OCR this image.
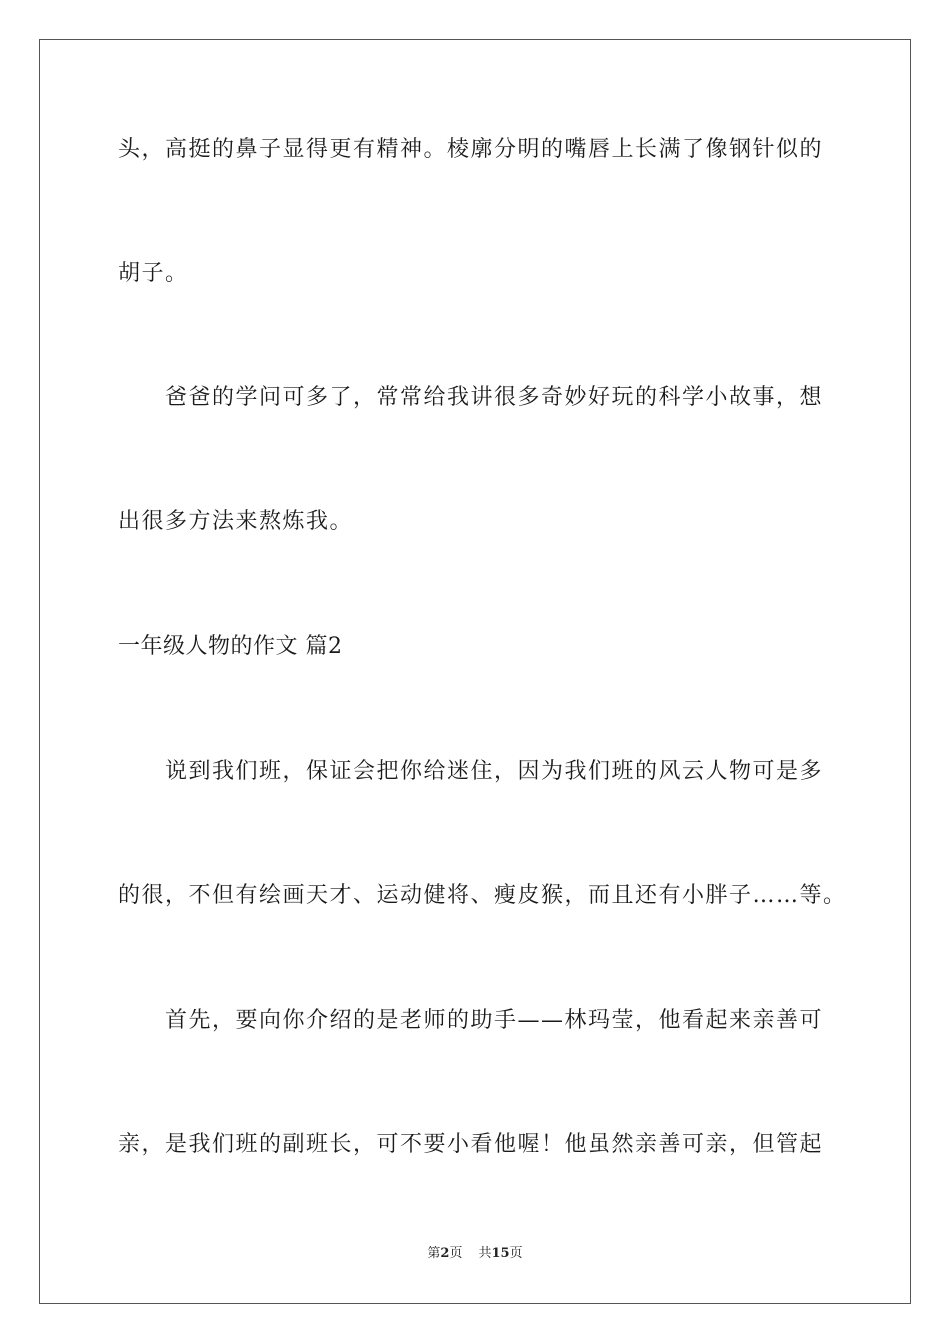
头，高挺的鼻子显得更有精神。棱廓分明的嘴唇上长满了像钢针似的
胡子。
爸爸的学问可多了，常常给我讲很多奇妙好玩的科学小故事，想
出很多方法来熬炼我。
一年级人物的作文 篇2
说到我们班，保证会把你给迷住，因为我们班的风云人物可是多
的很，不但有绘画天才、运动健将、瘦皮猴，而且还有小胖子……等。
首先，要向你介绍的是老师的助手——林玛莹，他看起来亲善可
亲，是我们班的副班长，可不要小看他喔！他虽然亲善可亲，但管起
第2页 共15页
